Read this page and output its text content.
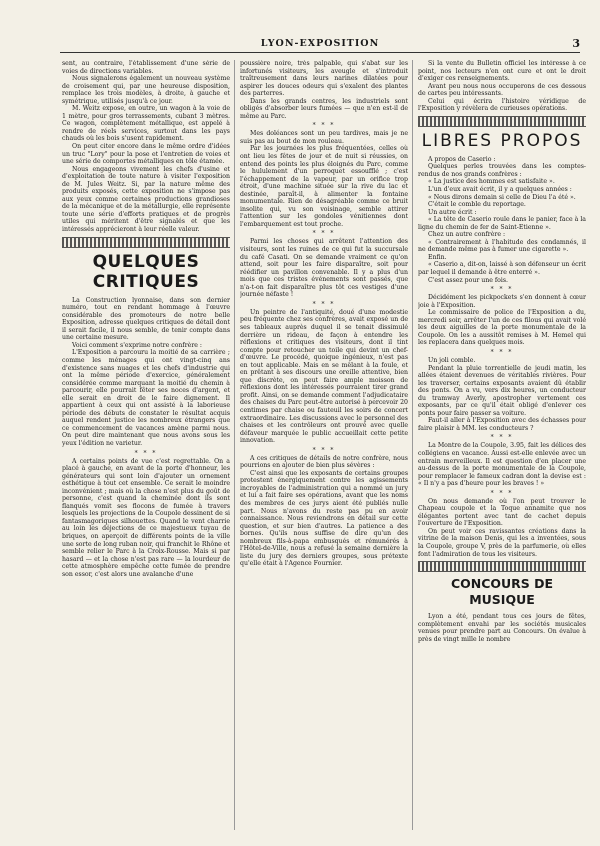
LYON-EXPOSITION	3

sent, au contraire, l'établissement d'une série de voies de directions variables.

Nous signalerons également un nouveau système de croisement qui, par une heureuse disposition, remplace les trois modèles, à droite, à gauche et symétrique, utilisés jusqu'à ce jour.

M. Weitz expose, en outre, un wagon à la voie de 1 mètre, pour gros terrassements, cubant 3 mètres. Ce wagon, complètement métallique, est appelé à rendre de réels services, surtout dans les pays chauds où les bois s'usent rapidement.

On peut citer encore dans le même ordre d'idées un truc "Lory" pour la pose et l'entretien de voies et une série de comportes métalliques en tôle étamée.

Nous engageons vivement les chefs d'usine et d'exploitation de toute nature à visiter l'exposition de M. Jules Weitz. Si, par la nature même des produits exposés, cette exposition ne s'impose pas aux yeux comme certaines productions grandioses de la mécanique et de la métallurgie, elle représente toute une série d'efforts pratiques et de progrès utiles qui méritent d'être signalés et que les intéressés apprécieront à leur réelle valeur.

QUELQUES CRITIQUES

La Construction lyonnaise, dans son dernier numéro, tout en rendant hommage à l'œuvre considérable des promoteurs de notre belle Exposition, adresse quelques critiques de détail dont il serait facile, il nous semble, de tenir compte dans une certaine mesure.

Voici comment s'exprime notre confrère :

L'Exposition a parcouru la moitié de sa carrière ; comme les ménages qui ont vingt-cinq ans d'existence sans nuages et les chefs d'industrie qui ont la même période d'exercice, généralement considérée comme marquant la moitié du chemin à parcourir, elle pourrait fêter ses noces d'argent, et elle serait en droit de le faire dignement. Il appartient à ceux qui ont assisté à la laborieuse période des débuts de constater le résultat acquis auquel rendent justice les nombreux étrangers que ce commencement de vacances amène parmi nous. On peut dire maintenant que nous avons sous les yeux l'édition ne varietur.

* * *

A certains points de vue c'est regrettable. On a placé à gauche, en avant de la porte d'honneur, les générateurs qui sont loin d'ajouter un ornement esthétique à tout cet ensemble. Ce serait le moindre inconvénient ; mais où la chose n'est plus du goût de personne, c'est quand la cheminée dont ils sont flanqués vomit ses flocons de fumée à travers lesquels les projections de la Coupole dessinent de si fantasmagoriques silhouettes. Quand le vent charrie au loin les déjections de ce majestueux tuyau de briques, on aperçoit de différents points de la ville une sorte de long ruban noir, qui franchit le Rhône et semble relier le Parc à la Croix-Rousse. Mais si par hasard — et la chose n'est pas rare — la lourdeur de cette atmosphère empêche cette fumée de prendre son essor, c'est alors une avalanche d'une

poussière noire, très palpable, qui s'abat sur les infortunés visiteurs, les aveugle et s'introduit traîtreusement dans leurs narines dilatées pour aspirer les douces odeurs qui s'exalent des plantes des parterres.

Dans les grands centres, les industriels sont obligés d'absorber leurs fumées — que n'en est-il de même au Parc.

* * *

Mes doléances sont un peu tardives, mais je ne suis pas au bout de mon rouleau.

Par les journées les plus fréquentées, celles où ont lieu les fêtes de jour et de nuit si réussies, on entend des points les plus éloignés du Parc, comme le hululement d'un perroquet essoufflé ; c'est l'échappement de la vapeur, par un orifice trop étroit, d'une machine située sur la rive du lac et destinée, paraît-il, à alimenter la fontaine monumentale. Rien de désagréable comme ce bruit insolite qui, vu son voisinage, semble attirer l'attention sur les gondoles vénitiennes dont l'embarquement est tout proche.

* * *

Parmi les choses qui arrêtent l'attention des visiteurs, sont les ruines de ce qui fut la succursale du café Casati. On se demande vraiment ce qu'on attend, soit pour les faire disparaître, soit pour réédifier un pavillon convenable. Il y a plus d'un mois que ces tristes événements sont passés, que n'a-t-on fait disparaître plus tôt ces vestiges d'une journée néfaste !

* * *

Un peintre de l'antiquité, doué d'une modestie peu fréquente chez ses confrères, avait exposé un de ses tableaux auprès duquel il se tenait dissimulé derrière un rideau, de façon à entendre les réflexions et critiques des visiteurs, dont il tint compte pour retoucher un toile qui devint un chef-d'œuvre. Le procédé, quoique ingénieux, n'est pas en tout applicable. Mais en se mêlant à la foule, et en prêtant à ses discours une oreille attentive, bien que discrète, on peut faire ample moisson de réflexions dont les intéressés pourraient tirer grand profit. Ainsi, on se demande comment l'adjudicataire des chaises du Parc peut-être autorisé à percevoir 20 centimes par chaise ou fauteuil les soirs de concert extraordinaire. Les discussions avec le personnel des chaises et les contrôleurs ont prouvé avec quelle défaveur marquée le public accueillait cette petite innovation.

* * *

A ces critiques de détails de notre confrère, nous pourrions en ajouter de bien plus sévères :

C'est ainsi que les exposants de certains groupes protestent énergiquement contre les agissements incroyables de l'administration qui a nommé un jury et lui a fait faire ses opérations, avant que les noms des membres de ces jurys aient été publiés nulle part. Nous n'avons du reste pas pu en avoir connaissance. Nous reviendrons en détail sur cette question, et sur bien d'autres. La patience a des bornes. Qu'ils nous suffise de dire qu'un des nombreux fils-à-papa embusqués et rémunérés à l'Hôtel-de-Ville, nous a refusé la semaine dernière la liste du jury des derniers groupes, sous prétexte qu'elle était à l'Agence Fournier.

Si la vente du Bulletin officiel les intéresse à ce point, nos lecteurs n'en ont cure et ont le droit d'exiger ces renseignements.

Avant peu nous nous occuperons de ces dessous de cartes peu intéressants.

Celui qui écrira l'histoire véridique de l'Exposition y révèlera de curieuses opérations.

LIBRES PROPOS

A propos de Caserio :

Quelques perles trouvées dans les comptes-rendus de nos grands confrères :

« La justice des hommes est satisfaite ».

L'un d'eux avait écrit, il y a quelques années :

« Nous dirons demain si celle de Dieu l'a été ».

C'était le comble du reportage.

Un autre écrit :

« La tête de Caserio roule dans le panier, face à la ligne du chemin de fer de Saint-Etienne ».

Chez un autre confrère :

« Contrairement à l'habitude des condamnés, il ne demande même pas à fumer une cigarette ».

Enfin.

« Caserio a, dit-on, laissé à son défenseur un écrit par lequel il demande à être enterré ».

C'est assez pour une fois.

* * *

Décidément les pickpockets s'en donnent à cœur joie à l'Exposition.

Le commissaire de police de l'Exposition a du, mercredi soir, arrêter l'un de ces filous qui avait volé les deux aiguilles de la porte monumentale de la Coupole. On les a aussitôt remises à M. Hemel qui les replacera dans quelques mois.

* * *

Un joli comble.

Pendant la pluie torrentielle de jeudi matin, les allées étaient devenues de véritables rivières. Pour les traverser, certains exposants avaient dû établir des ponts. On a vu, vers dix heures, un conducteur du tramway Averly, apostropher vertement ces exposants, par ce qu'il était obligé d'enlever ces ponts pour faire passer sa voiture.

Faut-il aller à l'Exposition avec des échasses pour faire plaisir à MM. les conducteurs ?

* * *

La Montre de la Coupole, 3.95, fait les délices des collégiens en vacance. Aussi est-elle enlevée avec un entrain merveilleux. Il est question d'en placer une au-dessus de la porte monumentale de la Coupole, pour remplacer le fameux cadran dont la devise est : « Il n'y a pas d'heure pour les braves ! »

* * *

On nous demande où l'on peut trouver le Chapeau coupole et la Toque annamite que nos élégantes portent avec tant de cachet depuis l'ouverture de l'Exposition.

On peut voir ces ravissantes créations dans la vitrine de la maison Denis, qui les a inventées, sous la Coupole, groupe V, près de la parfumerie, où elles font l'admiration de tous les visiteurs.

CONCOURS DE MUSIQUE

Lyon a été, pendant tous ces jours de fêtes, complètement envahi par les sociétés musicales venues pour prendre part au Concours. On évalue à près de vingt mille le nombre
